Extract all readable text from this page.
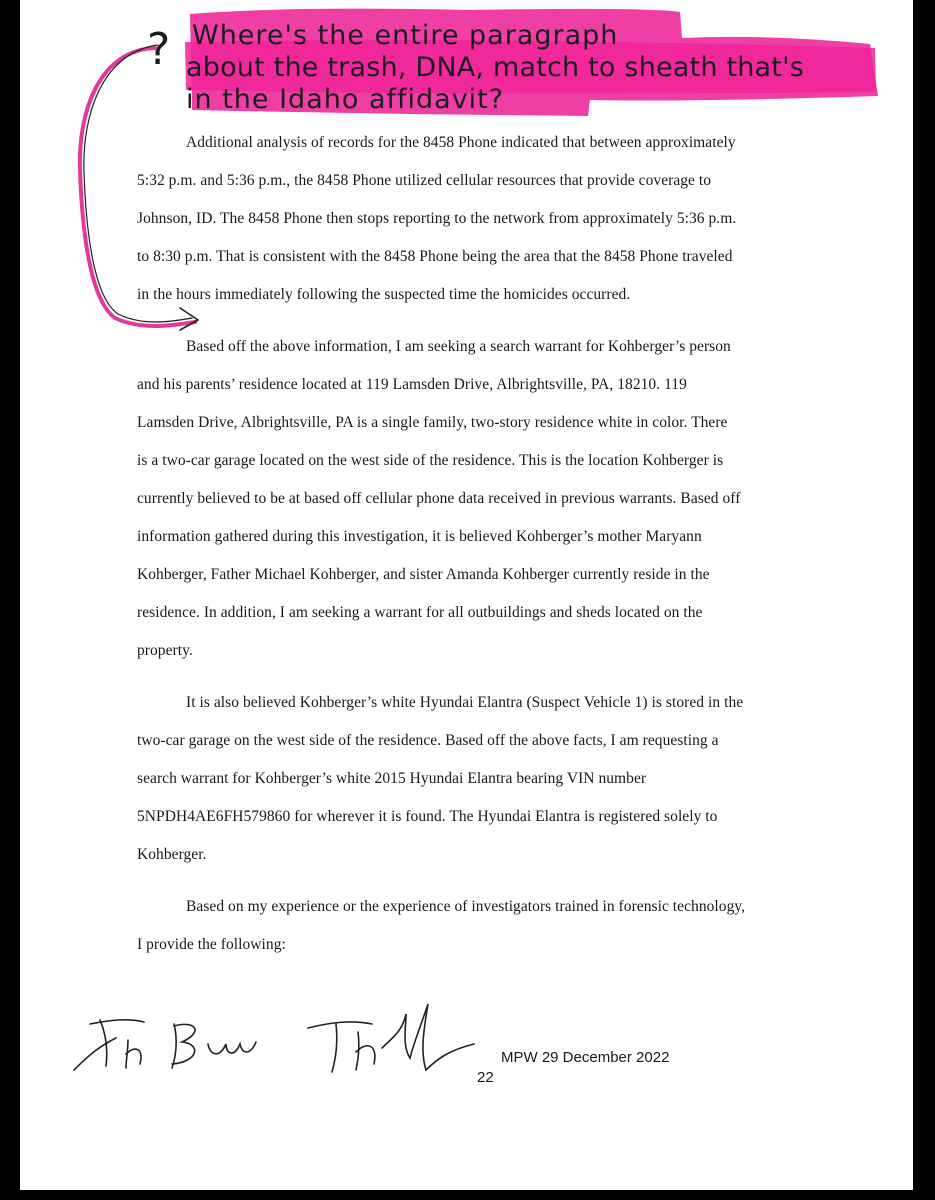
? Where's the entire paragraph
about the trash, DNA, match to sheath that's
in the Idaho affidavit?
Additional analysis of records for the 8458 Phone indicated that between approximately
5:32 p.m. and 5:36 p.m., the 8458 Phone utilized cellular resources that provide coverage to
Johnson, ID. The 8458 Phone then stops reporting to the network from approximately 5:36 p.m.
to 8:30 p.m. That is consistent with the 8458 Phone being the area that the 8458 Phone traveled
in the hours immediately following the suspected time the homicides occurred.
Based off the above information, I am seeking a search warrant for Kohberger’s person
and his parents’ residence located at 119 Lamsden Drive, Albrightsville, PA, 18210. 119
Lamsden Drive, Albrightsville, PA is a single family, two-story residence white in color. There
is a two-car garage located on the west side of the residence. This is the location Kohberger is
currently believed to be at based off cellular phone data received in previous warrants. Based off
information gathered during this investigation, it is believed Kohberger’s mother Maryann
Kohberger, Father Michael Kohberger, and sister Amanda Kohberger currently reside in the
residence. In addition, I am seeking a warrant for all outbuildings and sheds located on the
property.
It is also believed Kohberger’s white Hyundai Elantra (Suspect Vehicle 1) is stored in the
two-car garage on the west side of the residence. Based off the above facts, I am requesting a
search warrant for Kohberger’s white 2015 Hyundai Elantra bearing VIN number
5NPDH4AE6FH579860 for wherever it is found. The Hyundai Elantra is registered solely to
Kohberger.
Based on my experience or the experience of investigators trained in forensic technology,
I provide the following:
MPW 29 December 2022
22
